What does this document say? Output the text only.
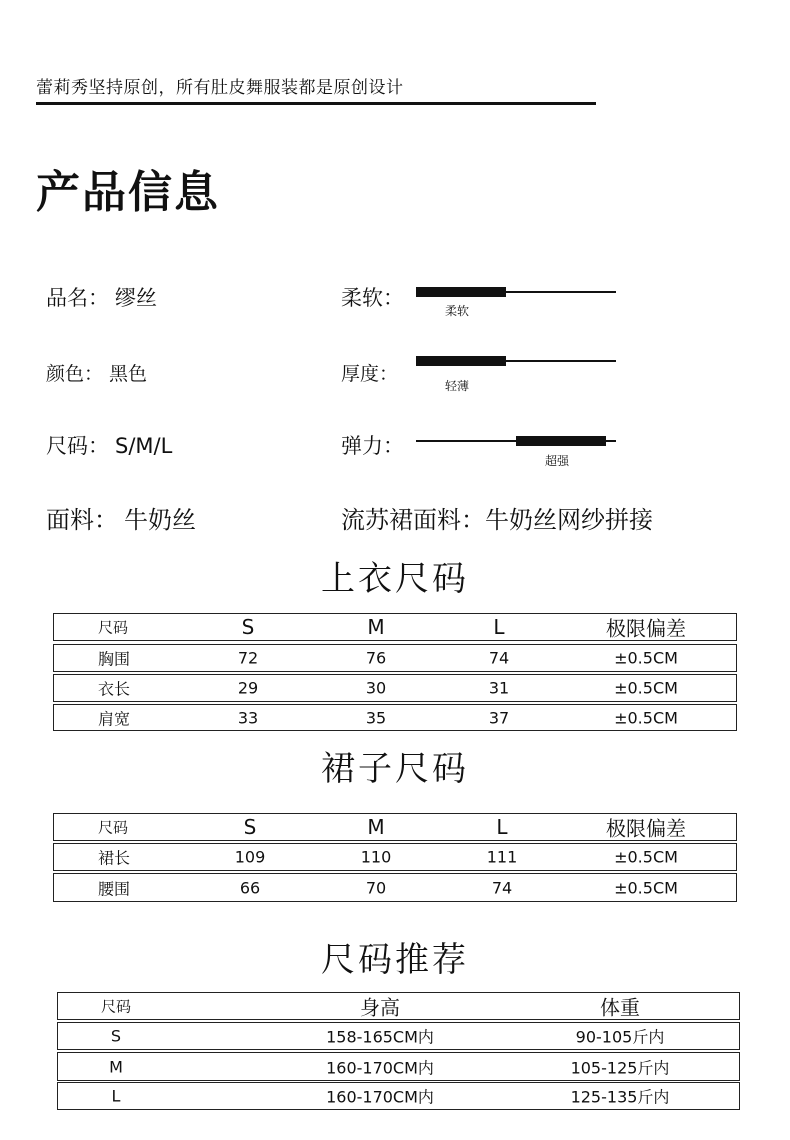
蕾莉秀坚持原创，所有肚皮舞服装都是原创设计
产品信息
品名： 缪丝
颜色： 黑色
尺码： S/M/L
面料： 牛奶丝	流苏裙面料：牛奶丝网纱拼接
柔软：
柔软
厚度：
轻薄
弹力：
超强
上衣尺码
尺码	S	M	L	极限偏差
胸围	72	76	74	±0.5CM
衣长	29	30	31	±0.5CM
肩宽	33	35	37	±0.5CM
裙子尺码
尺码	S	M	L	极限偏差
裙长	109	110	111	±0.5CM
腰围	66	70	74	±0.5CM
尺码推荐
尺码	身高	体重
S	158-165CM内	90-105斤内
M	160-170CM内	105-125斤内
L	160-170CM内	125-135斤内
